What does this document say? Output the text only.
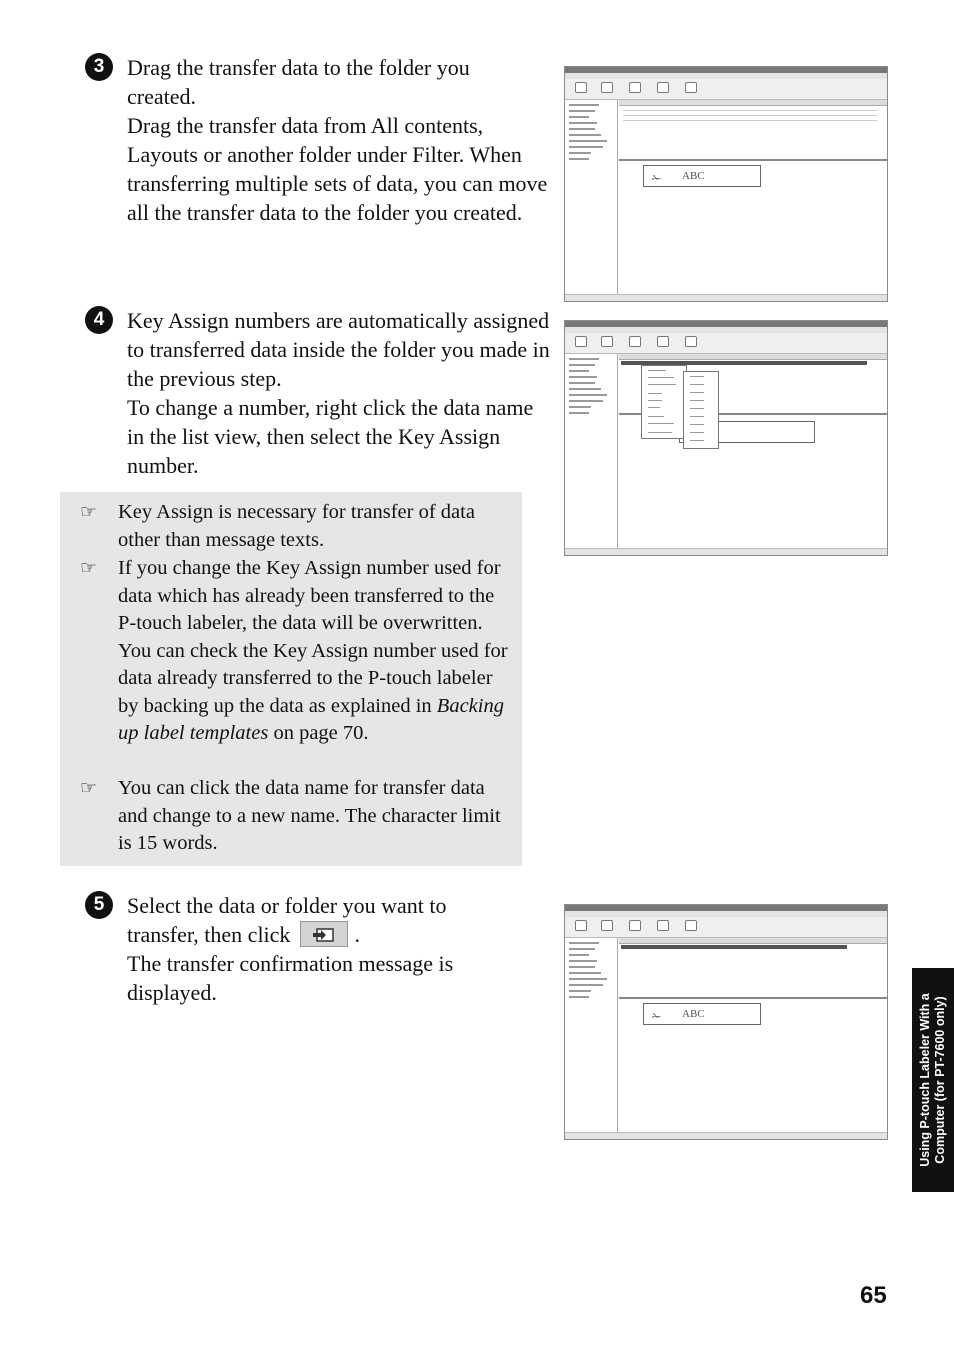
3	Drag the transfer data to the folder you created.

Drag the transfer data from All contents, Layouts or another folder under Filter. When transferring multiple sets of data, you can move all the transfer data to the folder you created.

✁ ABC
4	Key Assign numbers are automatically assigned to transferred data inside the folder you made in the previous step.

To change a number, right click the data name in the list view, then select the Key Assign number.

☞ Key Assign is necessary for transfer of data other than message texts.

☞ If you change the Key Assign number used for data which has already been transferred to the P-touch labeler, the data will be overwritten. You can check the Key Assign number used for data already transferred to the P-touch labeler by backing up the data as explained in Backing up label templates on page 70.

☞ You can click the data name for transfer data and change to a new name. The character limit is 15 words.

5	Select the data or folder you want to transfer, then click	.

The transfer confirmation message is displayed.

✁ ABC	Using P-touch Labeler With a Computer (for PT-7600 only)
65
